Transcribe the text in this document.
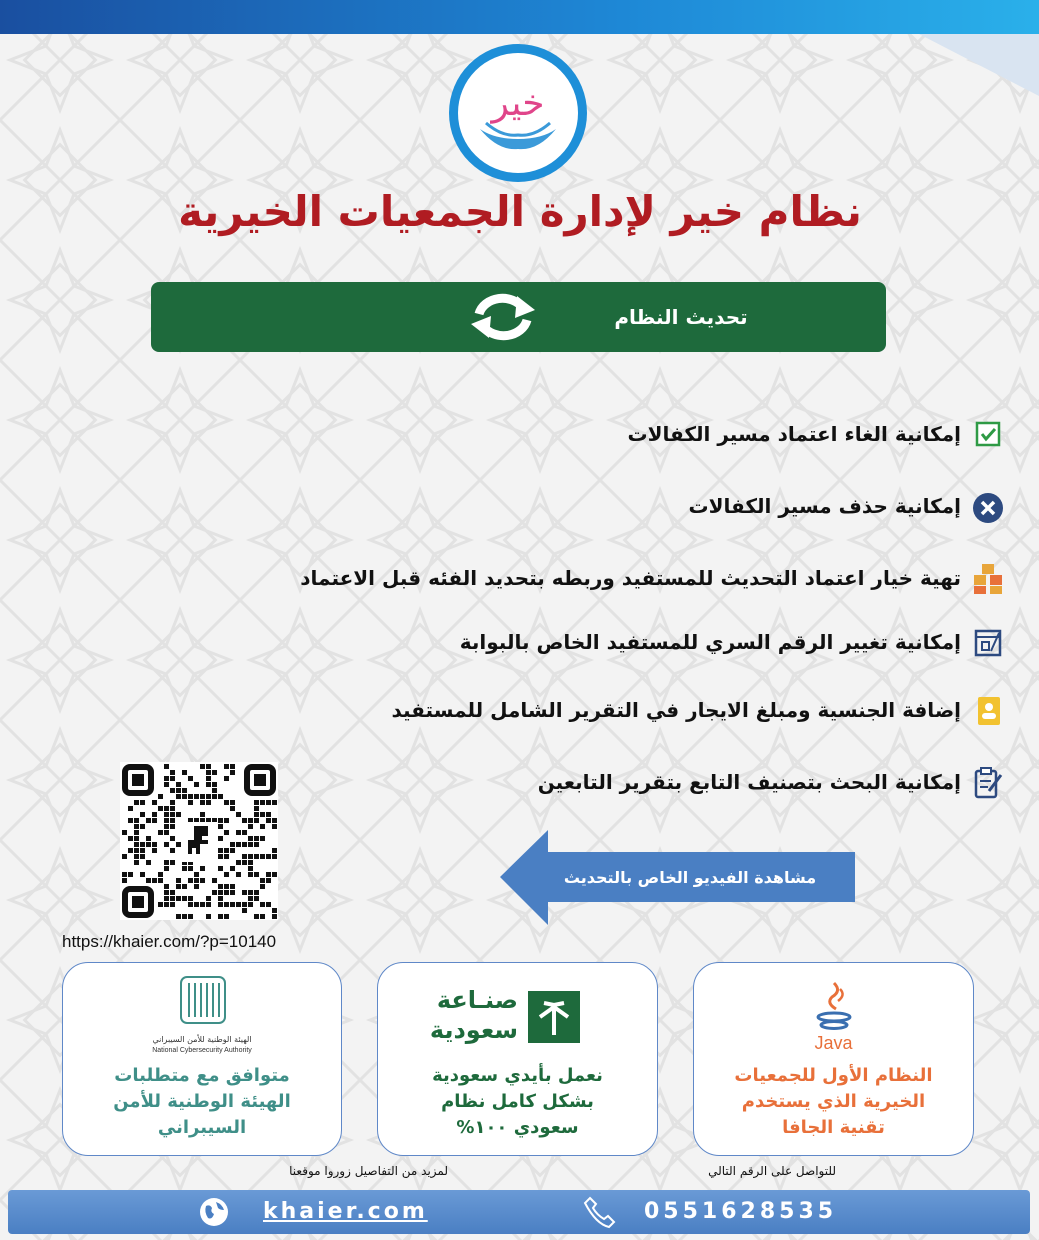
خير
نظام خير لإدارة الجمعيات الخيرية
تحديث النظام
إمكانية الغاء اعتماد مسير الكفالات
إمكانية حذف مسير الكفالات
تهية خيار اعتماد التحديث للمستفيد وربطه بتحديد الفئه قبل الاعتماد
إمكانية تغيير الرقم السري للمستفيد الخاص بالبوابة
إضافة الجنسية ومبلغ الايجار في التقرير الشامل للمستفيد
إمكانية البحث بتصنيف التابع بتقرير التابعين
https://khaier.com/?p=10140
مشاهدة الفيديو الخاص بالتحديث
الهيئة الوطنية للأمن السيبراني
National Cybersecurity Authority
متوافق مع متطلبات
الهيئة الوطنية للأمن
السيبراني
صنـاعة
سعودية
نعمل بأيدي سعودية
بشكل كامل نظام
سعودي ١٠٠%
Java
النظام الأول للجمعيات
الخيرية الذي يستخدم
تقنية الجافا
لمزيد من التفاصيل زوروا موقعنا	للتواصل على الرقم التالي
khaier.com	0551628535
